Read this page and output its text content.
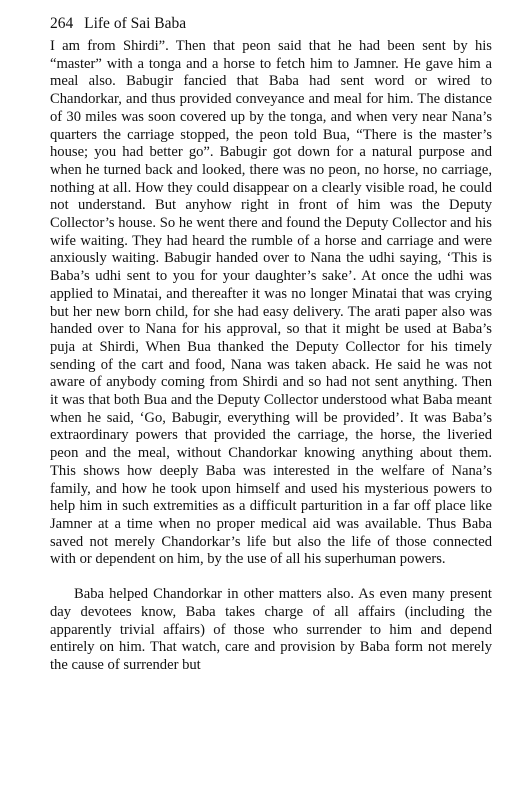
264 Life of Sai Baba

I am from Shirdi”. Then that peon said that he had been sent by his “master” with a tonga and a horse to fetch him to Jamner. He gave him a meal also. Babugir fancied that Baba had sent word or wired to Chandorkar, and thus provided conveyance and meal for him. The distance of 30 miles was soon covered up by the tonga, and when very near Nana’s quarters the carriage stopped, the peon told Bua, “There is the master’s house; you had better go”. Babugir got down for a natural purpose and when he turned back and looked, there was no peon, no horse, no carriage, nothing at all. How they could disappear on a clearly visible road, he could not understand. But anyhow right in front of him was the Deputy Collector’s house. So he went there and found the Deputy Collector and his wife waiting. They had heard the rumble of a horse and carriage and were anxiously waiting. Babugir handed over to Nana the udhi saying, ‘This is Baba’s udhi sent to you for your daughter’s sake’. At once the udhi was applied to Minatai, and thereafter it was no longer Minatai that was crying but her new born child, for she had easy delivery. The arati paper also was handed over to Nana for his approval, so that it might be used at Baba’s puja at Shirdi, When Bua thanked the Deputy Collector for his timely sending of the cart and food, Nana was taken aback. He said he was not aware of anybody coming from Shirdi and so had not sent anything. Then it was that both Bua and the Deputy Collector understood what Baba meant when he said, ‘Go, Babugir, everything will be provided’. It was Baba’s extraordinary powers that provided the carriage, the horse, the liveried peon and the meal, without Chandorkar knowing anything about them. This shows how deeply Baba was interested in the welfare of Nana’s family, and how he took upon himself and used his mysterious powers to help him in such extremities as a difficult parturition in a far off place like Jamner at a time when no proper medical aid was available. Thus Baba saved not merely Chandorkar’s life but also the life of those connected with or dependent on him, by the use of all his superhuman powers.

Baba helped Chandorkar in other matters also. As even many present day devotees know, Baba takes charge of all affairs (including the apparently trivial affairs) of those who surrender to him and depend entirely on him. That watch, care and provision by Baba form not merely the cause of surrender but
